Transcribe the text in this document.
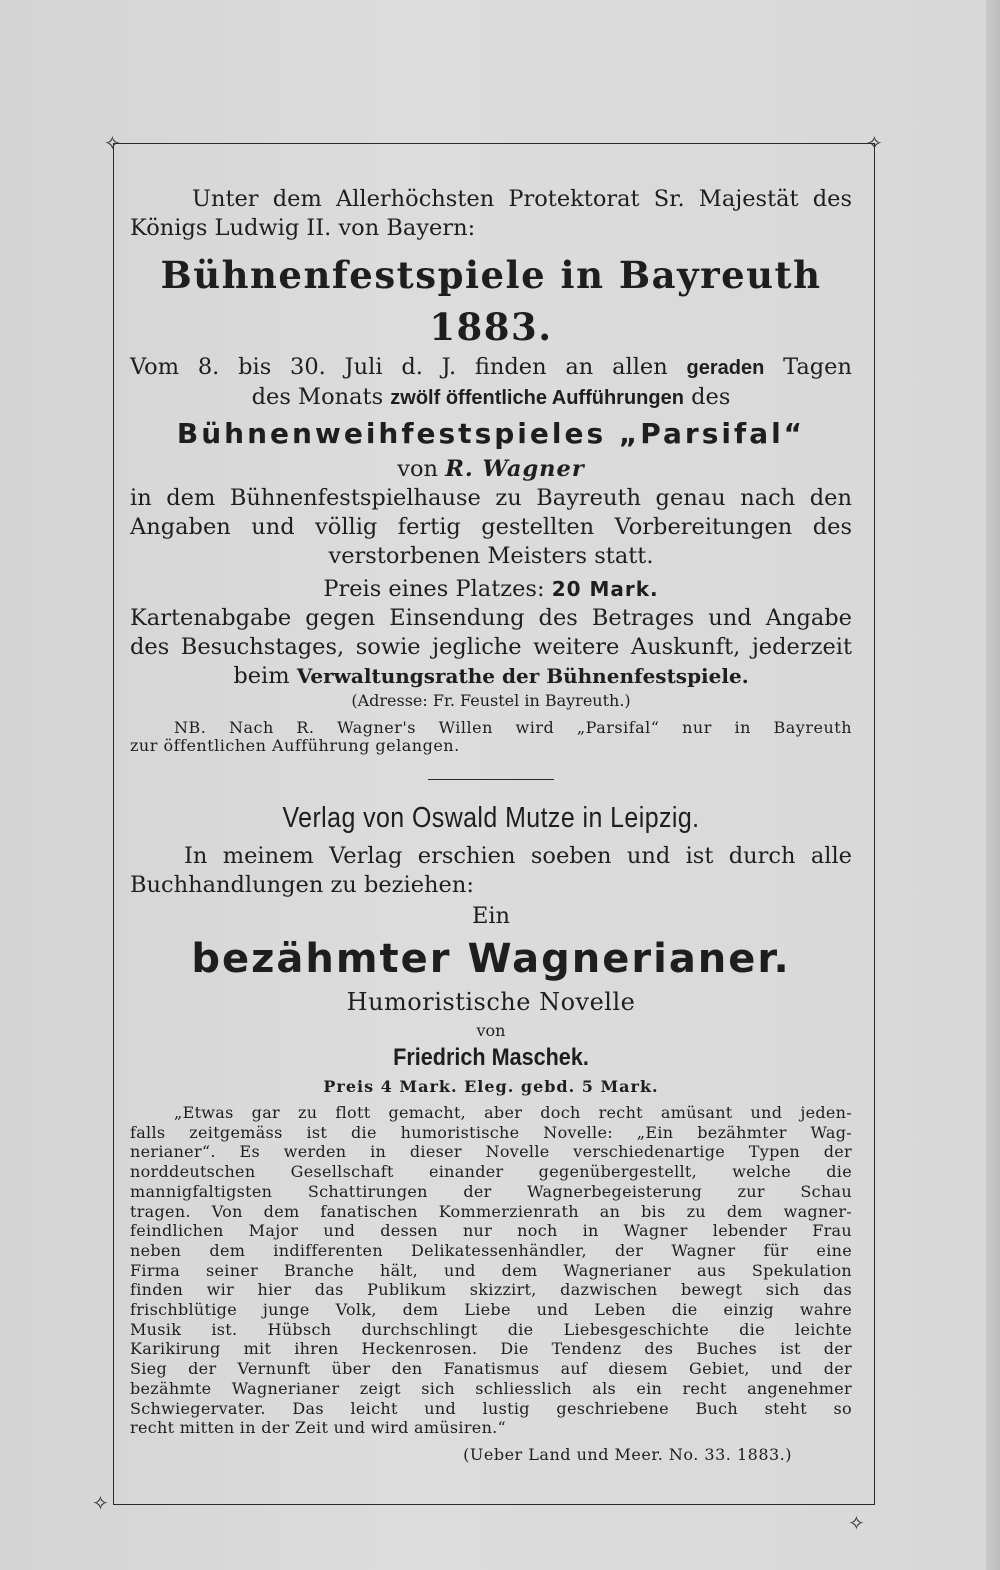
✧	✧
✧
✧
Unter dem Allerhöchsten Protektorat Sr. Majestät des
Königs Ludwig II. von Bayern:
Bühnenfestspiele in Bayreuth 1883.
Vom 8. bis 30. Juli d. J. finden an allen geraden Tagen
des Monats zwölf öffentliche Aufführungen des
Bühnenweihfestspieles „Parsifal“
von R. Wagner
in dem Bühnenfestspielhause zu Bayreuth genau nach den
Angaben und völlig fertig gestellten Vorbereitungen des
verstorbenen Meisters statt.
Preis eines Platzes: 20 Mark.
Kartenabgabe gegen Einsendung des Betrages und Angabe
des Besuchstages, sowie jegliche weitere Auskunft, jederzeit
beim Verwaltungsrathe der Bühnenfestspiele.
(Adresse: Fr. Feustel in Bayreuth.)
NB. Nach R. Wagner's Willen wird „Parsifal“ nur in Bayreuth
zur öffentlichen Aufführung gelangen.
Verlag von Oswald Mutze in Leipzig.
In meinem Verlag erschien soeben und ist durch alle
Buchhandlungen zu beziehen:
Ein
bezähmter Wagnerianer.
Humoristische Novelle
von
Friedrich Maschek.
Preis 4 Mark. Eleg. gebd. 5 Mark.
„Etwas gar zu flott gemacht, aber doch recht amüsant und jeden-
falls zeitgemäss ist die humoristische Novelle: „Ein bezähmter Wag-
nerianer“. Es werden in dieser Novelle verschiedenartige Typen der
norddeutschen Gesellschaft einander gegenübergestellt, welche die
mannigfaltigsten Schattirungen der Wagnerbegeisterung zur Schau
tragen. Von dem fanatischen Kommerzienrath an bis zu dem wagner-
feindlichen Major und dessen nur noch in Wagner lebender Frau
neben dem indifferenten Delikatessenhändler, der Wagner für eine
Firma seiner Branche hält, und dem Wagnerianer aus Spekulation
finden wir hier das Publikum skizzirt, dazwischen bewegt sich das
frischblütige junge Volk, dem Liebe und Leben die einzig wahre
Musik ist. Hübsch durchschlingt die Liebesgeschichte die leichte
Karikirung mit ihren Heckenrosen. Die Tendenz des Buches ist der
Sieg der Vernunft über den Fanatismus auf diesem Gebiet, und der
bezähmte Wagnerianer zeigt sich schliesslich als ein recht angenehmer
Schwiegervater. Das leicht und lustig geschriebene Buch steht so
recht mitten in der Zeit und wird amüsiren.“
(Ueber Land und Meer. No. 33. 1883.)
